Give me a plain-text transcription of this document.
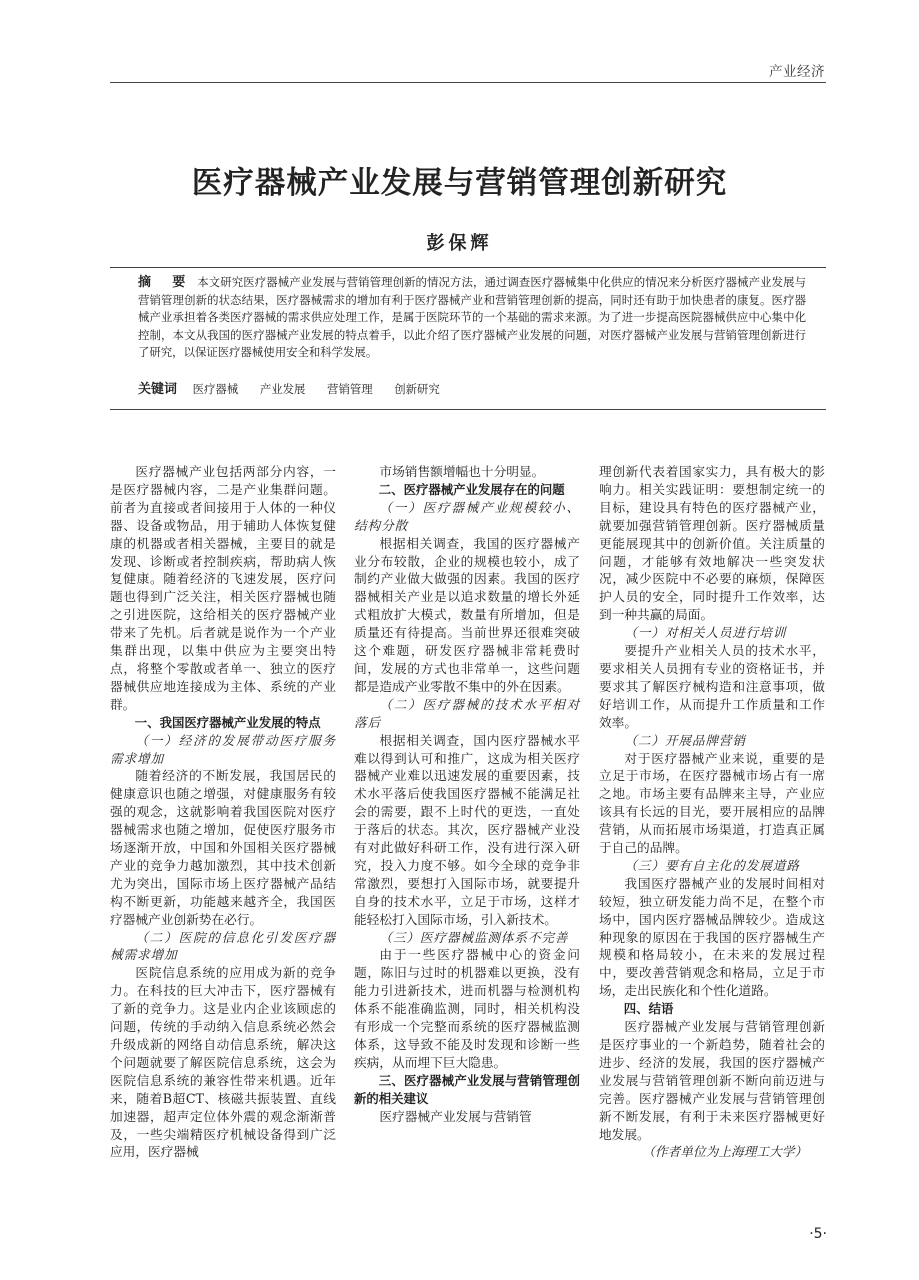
产业经济
医疗器械产业发展与营销管理创新研究
彭保辉
摘　要 本文研究医疗器械产业发展与营销管理创新的情况方法，通过调查医疗器械集中化供应的情况来分析医疗器械产业发展与营销管理创新的状态结果，医疗器械需求的增加有利于医疗器械产业和营销管理创新的提高，同时还有助于加快患者的康复。医疗器械产业承担着各类医疗器械的需求供应处理工作，是属于医院环节的一个基础的需求来源。为了进一步提高医院器械供应中心集中化控制，本文从我国的医疗器械产业发展的特点着手，以此介绍了医疗器械产业发展的问题，对医疗器械产业发展与营销管理创新进行了研究，以保证医疗器械使用安全和科学发展。
关键词 医疗器械 产业发展 营销管理 创新研究

医疗器械产业包括两部分内容，一是医疗器械内容，二是产业集群问题。前者为直接或者间接用于人体的一种仪器、设备或物品，用于辅助人体恢复健康的机器或者相关器械，主要目的就是发现、诊断或者控制疾病，帮助病人恢复健康。随着经济的飞速发展，医疗问题也得到广泛关注，相关医疗器械也随之引进医院，这给相关的医疗器械产业带来了先机。后者就是说作为一个产业集群出现，以集中供应为主要突出特点，将整个零散或者单一、独立的医疗器械供应地连接成为主体、系统的产业群。

一、我国医疗器械产业发展的特点

（一）经济的发展带动医疗服务需求增加

随着经济的不断发展，我国居民的健康意识也随之增强，对健康服务有较强的观念，这就影响着我国医院对医疗器械需求也随之增加，促使医疗服务市场逐渐开放，中国和外国相关医疗器械产业的竞争力越加激烈，其中技术创新尤为突出，国际市场上医疗器械产品结构不断更新，功能越来越齐全，我国医疗器械产业创新势在必行。

（二）医院的信息化引发医疗器械需求增加

医院信息系统的应用成为新的竞争力。在科技的巨大冲击下，医疗器械有了新的竞争力。这是业内企业该顾虑的问题，传统的手动纳入信息系统必然会升级成新的网络自动信息系统，解决这个问题就要了解医院信息系统，这会为医院信息系统的兼容性带来机遇。近年来，随着B超CT、核磁共振装置、直线加速器，超声定位体外震的观念渐渐普及，一些尖端精医疗机械设备得到广泛应用，医疗器械

市场销售额增幅也十分明显。

二、医疗器械产业发展存在的问题

（一）医疗器械产业规模较小、结构分散

根据相关调查，我国的医疗器械产业分布较散，企业的规模也较小，成了制约产业做大做强的因素。我国的医疗器械相关产业是以追求数量的增长外延式粗放扩大模式，数量有所增加，但是质量还有待提高。当前世界还很难突破这个难题，研发医疗器械非常耗费时间，发展的方式也非常单一，这些问题都是造成产业零散不集中的外在因素。

（二）医疗器械的技术水平相对落后

根据相关调查，国内医疗器械水平难以得到认可和推广，这成为相关医疗器械产业难以迅速发展的重要因素，技术水平落后使我国医疗器械不能满足社会的需要，跟不上时代的更迭，一直处于落后的状态。其次，医疗器械产业没有对此做好科研工作，没有进行深入研究，投入力度不够。如今全球的竞争非常激烈，要想打入国际市场，就要提升自身的技术水平，立足于市场，这样才能轻松打入国际市场，引入新技术。

（三）医疗器械监测体系不完善

由于一些医疗器械中心的资金问题，陈旧与过时的机器难以更换，没有能力引进新技术，进而机器与检测机构体系不能准确监测，同时，相关机构没有形成一个完整而系统的医疗器械监测体系，这导致不能及时发现和诊断一些疾病，从而埋下巨大隐患。

三、医疗器械产业发展与营销管理创新的相关建议

医疗器械产业发展与营销管

理创新代表着国家实力，具有极大的影响力。相关实践证明：要想制定统一的目标，建设具有特色的医疗器械产业，就要加强营销管理创新。医疗器械质量更能展现其中的创新价值。关注质量的问题，才能够有效地解决一些突发状况，减少医院中不必要的麻烦，保障医护人员的安全，同时提升工作效率，达到一种共赢的局面。

（一）对相关人员进行培训

要提升产业相关人员的技术水平，要求相关人员拥有专业的资格证书，并要求其了解医疗械构造和注意事项，做好培训工作，从而提升工作质量和工作效率。

（二）开展品牌营销

对于医疗器械产业来说，重要的是立足于市场，在医疗器械市场占有一席之地。市场主要有品牌来主导，产业应该具有长远的目光，要开展相应的品牌营销，从而拓展市场渠道，打造真正属于自己的品牌。

（三）要有自主化的发展道路

我国医疗器械产业的发展时间相对较短，独立研发能力尚不足，在整个市场中，国内医疗器械品牌较少。造成这种现象的原因在于我国的医疗器械生产规模和格局较小，在未来的发展过程中，要改善营销观念和格局，立足于市场，走出民族化和个性化道路。

四、结语

医疗器械产业发展与营销管理创新是医疗事业的一个新趋势，随着社会的进步、经济的发展，我国的医疗器械产业发展与营销管理创新不断向前迈进与完善。医疗器械产业发展与营销管理创新不断发展，有利于未来医疗器械更好地发展。

（作者单位为上海理工大学）

·5·
